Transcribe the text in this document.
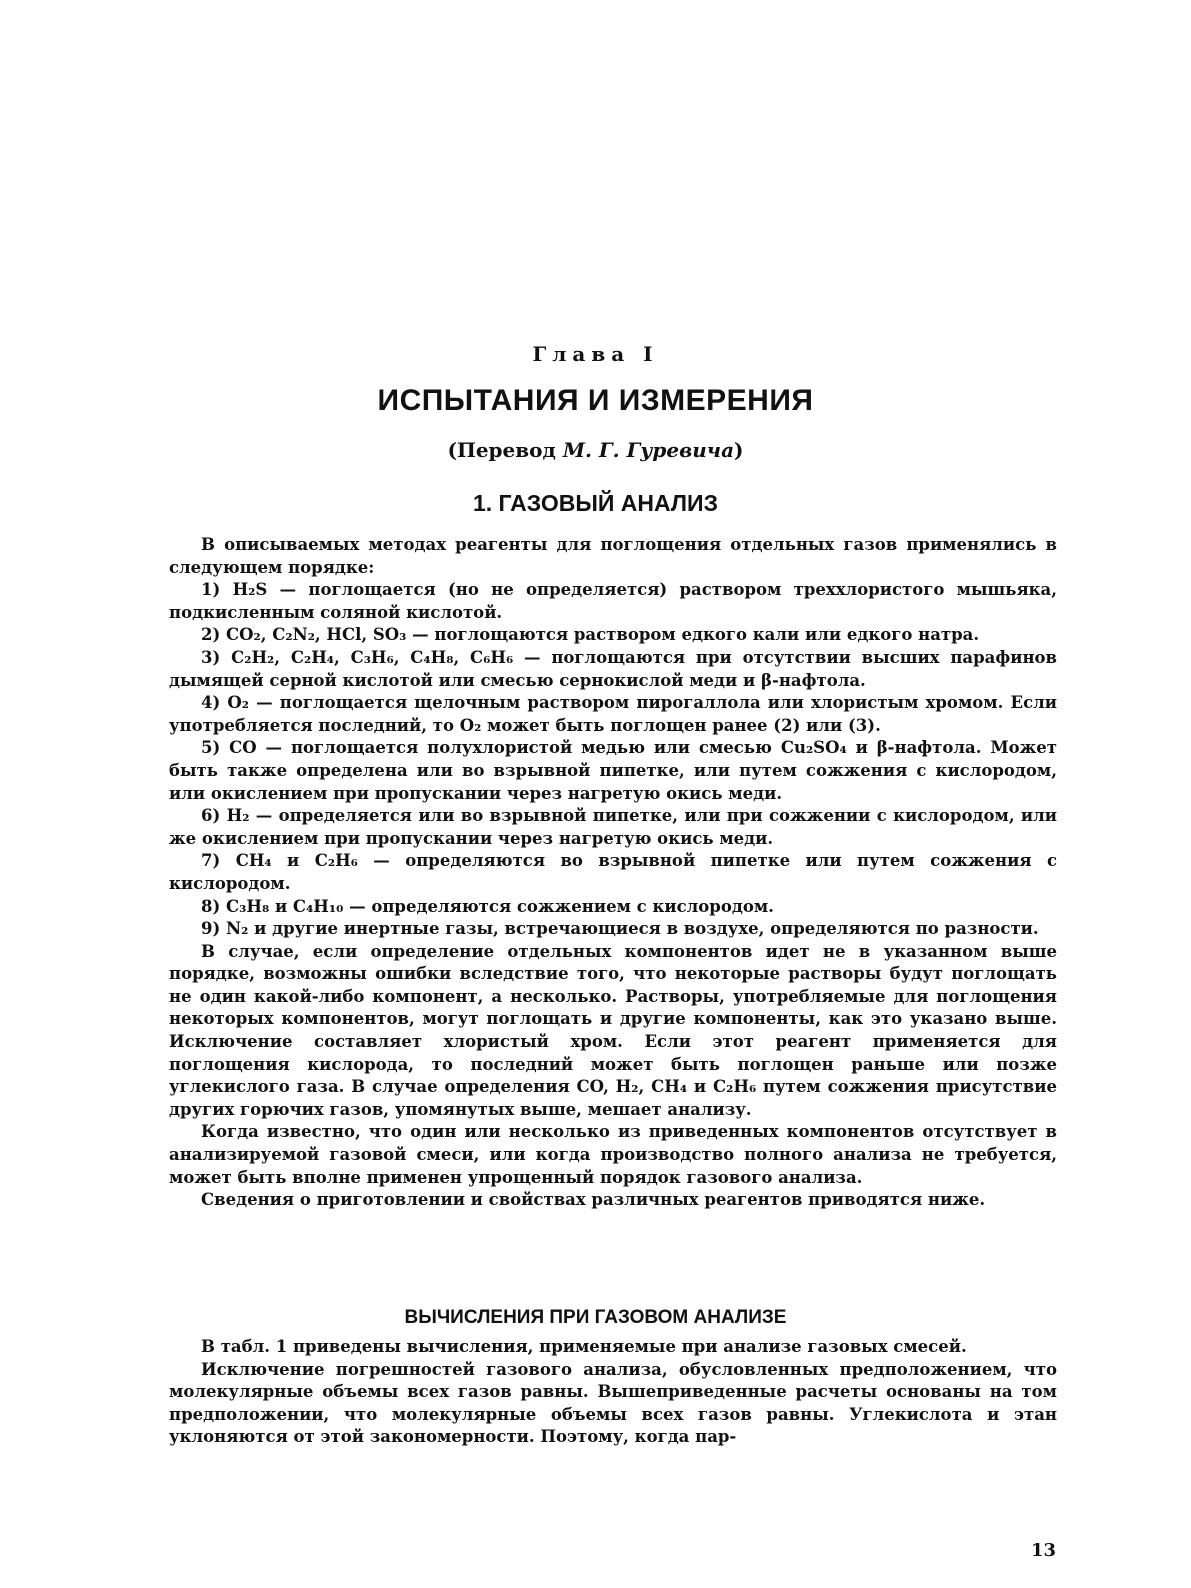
Глава I
ИСПЫТАНИЯ И ИЗМЕРЕНИЯ
(Перевод М. Г. Гуревича)
1. ГАЗОВЫЙ АНАЛИЗ

В описываемых методах реагенты для поглощения отдельных газов применялись в следующем порядке:

1) H₂S — поглощается (но не определяется) раствором треххлористого мышьяка, подкисленным соляной кислотой.

2) CO₂, C₂N₂, HCl, SO₃ — поглощаются раствором едкого кали или едкого натра.

3) C₂H₂, C₂H₄, C₃H₆, C₄H₈, C₆H₆ — поглощаются при отсутствии высших парафинов дымящей серной кислотой или смесью сернокислой меди и β-нафтола.

4) O₂ — поглощается щелочным раствором пирогаллола или хлористым хромом. Если употребляется последний, то O₂ может быть поглощен ранее (2) или (3).

5) CO — поглощается полухлористой медью или смесью Cu₂SO₄ и β-нафтола. Может быть также определена или во взрывной пипетке, или путем сожжения с кислородом, или окислением при пропускании через нагретую окись меди.

6) H₂ — определяется или во взрывной пипетке, или при сожжении с кислородом, или же окислением при пропускании через нагретую окись меди.

7) CH₄ и C₂H₆ — определяются во взрывной пипетке или путем сожжения с кислородом.

8) C₃H₈ и C₄H₁₀ — определяются сожжением с кислородом.

9) N₂ и другие инертные газы, встречающиеся в воздухе, определяются по разности.

В случае, если определение отдельных компонентов идет не в указанном выше порядке, возможны ошибки вследствие того, что некоторые растворы будут поглощать не один какой-либо компонент, а несколько. Растворы, употребляемые для поглощения некоторых компонентов, могут поглощать и другие компоненты, как это указано выше. Исключение составляет хлористый хром. Если этот реагент применяется для поглощения кислорода, то последний может быть поглощен раньше или позже углекислого газа. В случае определения CO, H₂, CH₄ и C₂H₆ путем сожжения присутствие других горючих газов, упомянутых выше, мешает анализу.

Когда известно, что один или несколько из приведенных компонентов отсутствует в анализируемой газовой смеси, или когда производство полного анализа не требуется, может быть вполне применен упрощенный порядок газового анализа.

Сведения о приготовлении и свойствах различных реагентов приводятся ниже.

ВЫЧИСЛЕНИЯ ПРИ ГАЗОВОМ АНАЛИЗЕ

В табл. 1 приведены вычисления, применяемые при анализе газовых смесей.

Исключение погрешностей газового анализа, обусловленных предположением, что молекулярные объемы всех газов равны. Вышеприведенные расчеты основаны на том предположении, что молекулярные объемы всех газов равны. Углекислота и этан уклоняются от этой закономерности. Поэтому, когда пар-

13
